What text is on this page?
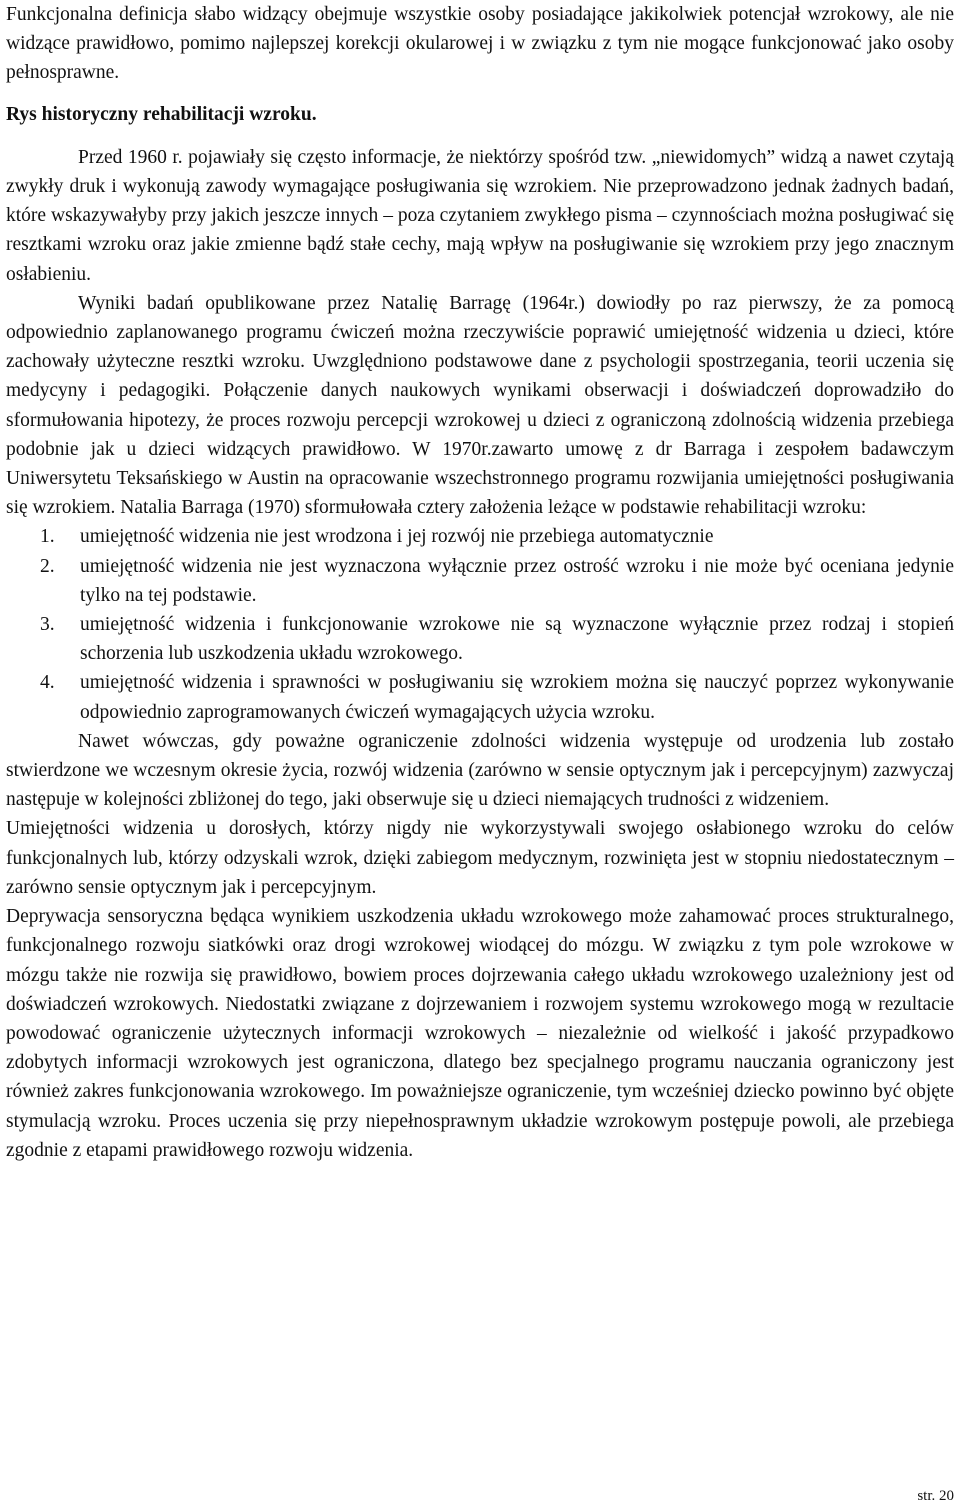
Funkcjonalna definicja słabo widzący obejmuje wszystkie osoby posiadające jakikolwiek potencjał wzrokowy, ale nie widzące prawidłowo, pomimo najlepszej korekcji okularowej i w związku z tym nie mogące funkcjonować jako osoby pełnosprawne.

Rys historyczny rehabilitacji wzroku.

Przed 1960 r. pojawiały się często informacje, że niektórzy spośród tzw. „niewidomych” widzą a nawet czytają zwykły druk i wykonują zawody wymagające posługiwania się wzrokiem. Nie przeprowadzono jednak żadnych badań, które wskazywałyby przy jakich jeszcze innych – poza czytaniem zwykłego pisma – czynnościach można posługiwać się resztkami wzroku oraz jakie zmienne bądź stałe cechy, mają wpływ na posługiwanie się wzrokiem przy jego znacznym osłabieniu.

Wyniki badań opublikowane przez Natalię Barragę (1964r.) dowiodły po raz pierwszy, że za pomocą odpowiednio zaplanowanego programu ćwiczeń można rzeczywiście poprawić umiejętność widzenia u dzieci, które zachowały użyteczne resztki wzroku. Uwzględniono podstawowe dane z psychologii spostrzegania, teorii uczenia się medycyny i pedagogiki. Połączenie danych naukowych wynikami obserwacji i doświadczeń doprowadziło do sformułowania hipotezy, że proces rozwoju percepcji wzrokowej u dzieci z ograniczoną zdolnością widzenia przebiega podobnie jak u dzieci widzących prawidłowo. W 1970r.zawarto umowę z dr Barraga i zespołem badawczym Uniwersytetu Teksańskiego w Austin na opracowanie wszechstronnego programu rozwijania umiejętności posługiwania się wzrokiem. Natalia Barraga (1970) sformułowała cztery założenia leżące w podstawie rehabilitacji wzroku:

1. umiejętność widzenia nie jest wrodzona i jej rozwój nie przebiega automatycznie
2. umiejętność widzenia nie jest wyznaczona wyłącznie przez ostrość wzroku i nie może być oceniana jedynie tylko na tej podstawie.
3. umiejętność widzenia i funkcjonowanie wzrokowe nie są wyznaczone wyłącznie przez rodzaj i stopień schorzenia lub uszkodzenia układu wzrokowego.
4. umiejętność widzenia i sprawności w posługiwaniu się wzrokiem można się nauczyć poprzez wykonywanie odpowiednio zaprogramowanych ćwiczeń wymagających użycia wzroku.

Nawet wówczas, gdy poważne ograniczenie zdolności widzenia występuje od urodzenia lub zostało stwierdzone we wczesnym okresie życia, rozwój widzenia (zarówno w sensie optycznym jak i percepcyjnym) zazwyczaj następuje w kolejności zbliżonej do tego, jaki obserwuje się u dzieci niemających trudności z widzeniem.

Umiejętności widzenia u dorosłych, którzy nigdy nie wykorzystywali swojego osłabionego wzroku do celów funkcjonalnych lub, którzy odzyskali wzrok, dzięki zabiegom medycznym, rozwinięta jest w stopniu niedostatecznym – zarówno sensie optycznym jak i percepcyjnym.

Deprywacja sensoryczna będąca wynikiem uszkodzenia układu wzrokowego może zahamować proces strukturalnego, funkcjonalnego rozwoju siatkówki oraz drogi wzrokowej wiodącej do mózgu. W związku z tym pole wzrokowe w mózgu także nie rozwija się prawidłowo, bowiem proces dojrzewania całego układu wzrokowego uzależniony jest od doświadczeń wzrokowych. Niedostatki związane z dojrzewaniem i rozwojem systemu wzrokowego mogą w rezultacie powodować ograniczenie użytecznych informacji wzrokowych – niezależnie od wielkość i jakość przypadkowo zdobytych informacji wzrokowych jest ograniczona, dlatego bez specjalnego programu nauczania ograniczony jest również zakres funkcjonowania wzrokowego. Im poważniejsze ograniczenie, tym wcześniej dziecko powinno być objęte stymulacją wzroku. Proces uczenia się przy niepełnosprawnym układzie wzrokowym postępuje powoli, ale przebiega zgodnie z etapami prawidłowego rozwoju widzenia.

str. 20
